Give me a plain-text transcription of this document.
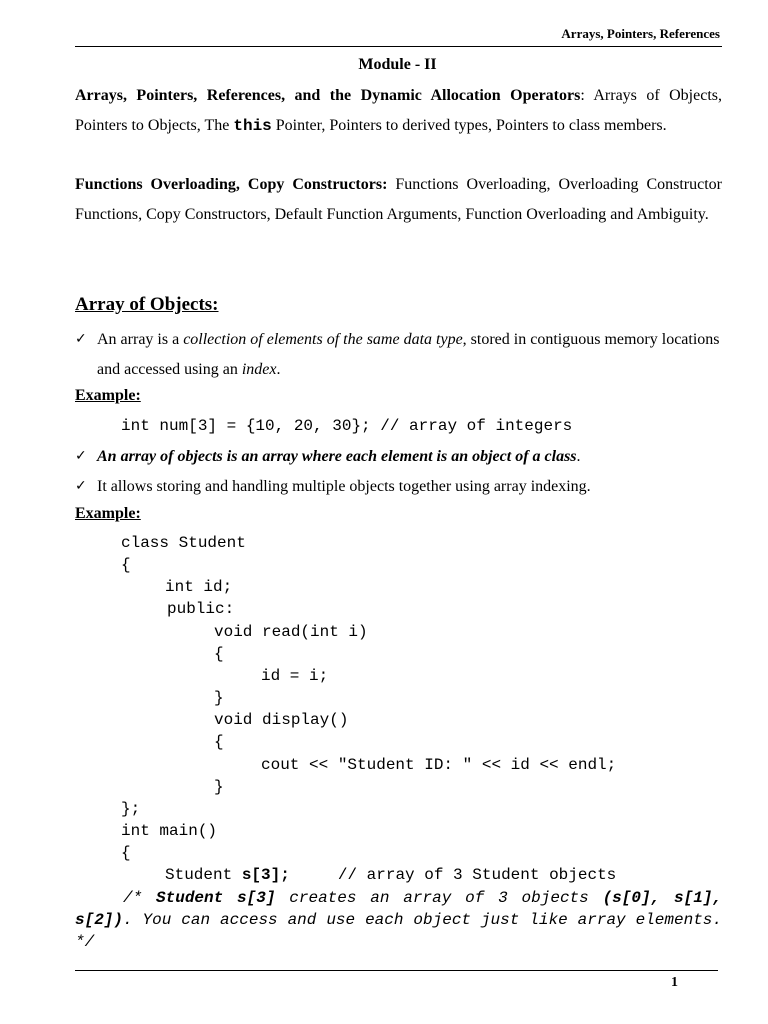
Arrays, Pointers, References
Module - II
Arrays, Pointers, References, and the Dynamic Allocation Operators: Arrays of Objects, Pointers to Objects, The this Pointer, Pointers to derived types, Pointers to class members.
Functions Overloading, Copy Constructors: Functions Overloading, Overloading Constructor Functions, Copy Constructors, Default Function Arguments, Function Overloading and Ambiguity.
Array of Objects:
✓ An array is a collection of elements of the same data type, stored in contiguous memory locations and accessed using an index.
Example:
int num[3] = {10, 20, 30}; // array of integers
✓ An array of objects is an array where each element is an object of a class.
✓ It allows storing and handling multiple objects together using array indexing.
Example:
class Student
{
int id;
public:
void read(int i)
{
id = i;
}
void display()
{
cout << "Student ID: " << id << endl;
}
};
int main()
{
Student s[3];     // array of 3 Student objects
/* Student s[3] creates an array of 3 objects (s[0], s[1], s[2]). You can access and use each object just like array elements. */
1
